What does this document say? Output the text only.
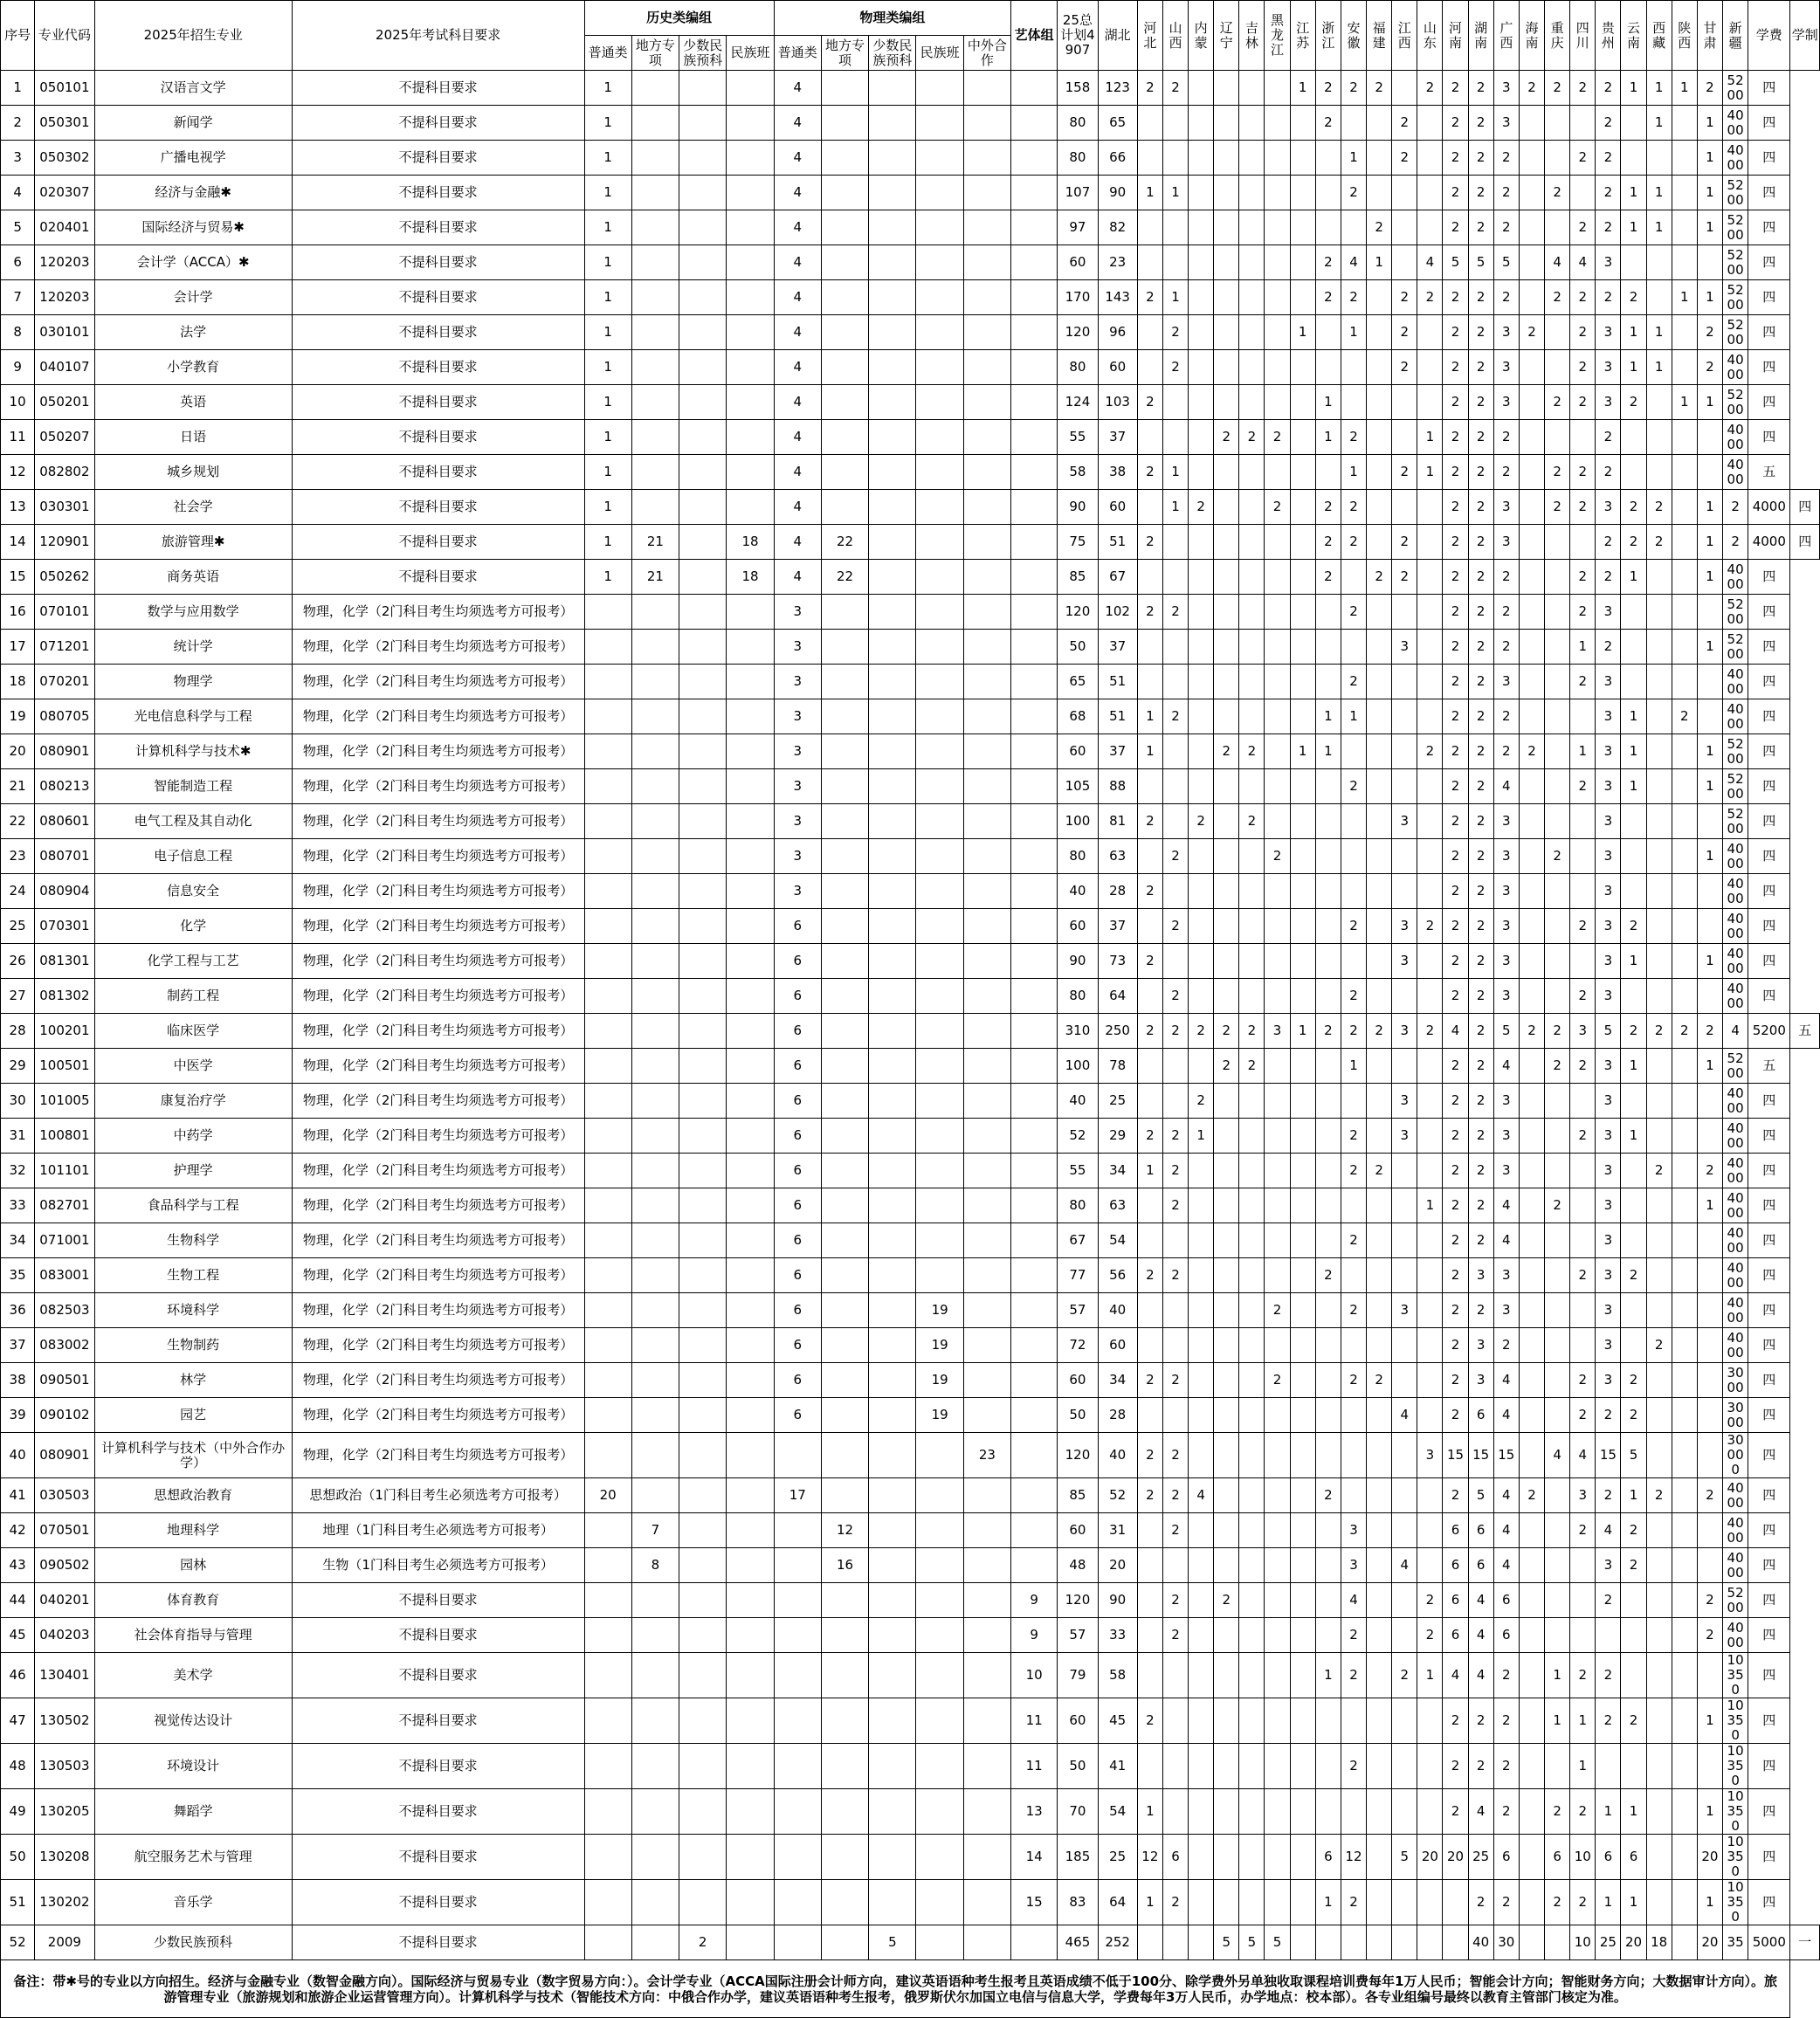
序号	专业代码	2025年招生专业	2025年考试科目要求	历史类编组				物理类编组					艺体组	25总计划4907	湖北	河北	山西	内蒙	辽宁	吉林	黑龙江	江苏	浙江	安徽	福建	江西	山东	河南	湖南	广西	海南	重庆	四川	贵州	云南	西藏	陕西	甘肃	新疆	学费	学制
				普通类	地方专项	少数民族预科	民族班	普通类	地方专项	少数民族预科	民族班	中外合作																													
1	050101	汉语言文学	不提科目要求	1				4						158	123	2	2					1	2	2	2		2	2	2	3	2	2	2	2	1	1	1	2	5200	四	
2	050301	新闻学	不提科目要求	1				4						80	65								2			2		2	2	3				2		1		1	4000	四	
3	050302	广播电视学	不提科目要求	1				4						80	66									1		2		2	2	2			2	2				1	4000	四	
4	020307	经济与金融✱	不提科目要求	1				4						107	90	1	1							2				2	2	2		2		2	1	1		1	5200	四	
5	020401	国际经济与贸易✱	不提科目要求	1				4						97	82										2			2	2	2			2	2	1	1		1	5200	四	
6	120203	会计学（ACCA）✱	不提科目要求	1				4						60	23								2	4	1		4	5	5	5		4	4	3					5200	四	
7	120203	会计学	不提科目要求	1				4						170	143	2	1						2	2		2	2	2	2	2		2	2	2	2		1	1	5200	四	
8	030101	法学	不提科目要求	1				4						120	96		2					1		1		2		2	2	3	2		2	3	1	1		2	5200	四	
9	040107	小学教育	不提科目要求	1				4						80	60		2									2		2	2	3			2	3	1	1		2	4000	四	
10	050201	英语	不提科目要求	1				4						124	103	2							1					2	2	3		2	2	3	2		1	1	5200	四	
11	050207	日语	不提科目要求	1				4						55	37				2	2	2		1	2			1	2	2	2				2					4000	四	
12	082802	城乡规划	不提科目要求	1				4						58	38	2	1							1		2	1	2	2	2		2	2	2					4000	五	
13	030301	社会学	不提科目要求	1				4						90	60		1	2			2		2	2				2	2	3		2	2	3	2	2		1	2	4000	四
14	120901	旅游管理✱	不提科目要求	1	21		18	4	22					75	51	2							2	2		2		2	2	3				2	2	2		1	2	4000	四
15	050262	商务英语	不提科目要求	1	21		18	4	22					85	67								2		2	2		2	2	2			2	2	1			1	4000	四	
16	070101	数学与应用数学	物理，化学（2门科目考生均须选考方可报考）					3						120	102	2	2							2				2	2	2			2	3					5200	四	
17	071201	统计学	物理，化学（2门科目考生均须选考方可报考）					3						50	37											3		2	2	2			1	2				1	5200	四	
18	070201	物理学	物理，化学（2门科目考生均须选考方可报考）					3						65	51									2				2	2	3			2	3					4000	四	
19	080705	光电信息科学与工程	物理，化学（2门科目考生均须选考方可报考）					3						68	51	1	2						1	1				2	2	2				3	1		2		4000	四	
20	080901	计算机科学与技术✱	物理，化学（2门科目考生均须选考方可报考）					3						60	37	1			2	2		1	1				2	2	2	2	2		1	3	1			1	5200	四	
21	080213	智能制造工程	物理，化学（2门科目考生均须选考方可报考）					3						105	88									2				2	2	4			2	3	1			1	5200	四	
22	080601	电气工程及其自动化	物理，化学（2门科目考生均须选考方可报考）					3						100	81	2		2		2						3		2	2	3				3					5200	四	
23	080701	电子信息工程	物理，化学（2门科目考生均须选考方可报考）					3						80	63		2				2							2	2	3		2		3				1	4000	四	
24	080904	信息安全	物理，化学（2门科目考生均须选考方可报考）					3						40	28	2												2	2	3				3					4000	四	
25	070301	化学	物理，化学（2门科目考生均须选考方可报考）					6						60	37		2							2		3	2	2	2	3			2	3	2				4000	四	
26	081301	化学工程与工艺	物理，化学（2门科目考生均须选考方可报考）					6						90	73	2										3		2	2	3				3	1			1	4000	四	
27	081302	制药工程	物理，化学（2门科目考生均须选考方可报考）					6						80	64		2							2				2	2	3			2	3					4000	四	
28	100201	临床医学	物理，化学（2门科目考生均须选考方可报考）					6						310	250	2	2	2	2	2	3	1	2	2	2	3	2	4	2	5	2	2	3	5	2	2	2	2	4	5200	五
29	100501	中医学	物理，化学（2门科目考生均须选考方可报考）					6						100	78				2	2				1				2	2	4		2	2	3	1			1	5200	五	
30	101005	康复治疗学	物理，化学（2门科目考生均须选考方可报考）					6						40	25			2								3		2	2	3				3					4000	四	
31	100801	中药学	物理，化学（2门科目考生均须选考方可报考）					6						52	29	2	2	1						2		3		2	2	3			2	3	1				4000	四	
32	101101	护理学	物理，化学（2门科目考生均须选考方可报考）					6						55	34	1	2							2	2			2	2	3				3		2		2	4000	四	
33	082701	食品科学与工程	物理，化学（2门科目考生均须选考方可报考）					6						80	63		2										1	2	2	4		2		3				1	4000	四	
34	071001	生物科学	物理，化学（2门科目考生均须选考方可报考）					6						67	54									2				2	2	4				3					4000	四	
35	083001	生物工程	物理，化学（2门科目考生均须选考方可报考）					6						77	56	2	2						2					2	3	3			2	3	2				4000	四	
36	082503	环境科学	物理，化学（2门科目考生均须选考方可报考）					6			19			57	40						2			2		3		2	2	3				3					4000	四	
37	083002	生物制药	物理，化学（2门科目考生均须选考方可报考）					6			19			72	60													2	3	2				3		2			4000	四	
38	090501	林学	物理，化学（2门科目考生均须选考方可报考）					6			19			60	34	2	2				2			2	2			2	3	4			2	3	2				3000	四	
39	090102	园艺	物理，化学（2门科目考生均须选考方可报考）					6			19			50	28											4		2	6	4			2	2	2				3000	四	
40	080901	计算机科学与技术（中外合作办学）	物理，化学（2门科目考生均须选考方可报考）									23		120	40	2	2										3	15	15	15		4	4	15	5				30000	四	
41	030503	思想政治教育	思想政治（1门科目考生必须选考方可报考）	20				17						85	52	2	2	4					2					2	5	4	2		3	2	1	2		2	4000	四	
42	070501	地理科学	地理（1门科目考生必须选考方可报考）		7				12					60	31		2							3				6	6	4			2	4	2				4000	四	
43	090502	园林	生物（1门科目考生必须选考方可报考）		8				16					48	20									3		4		6	6	4				3	2				4000	四	
44	040201	体育教育	不提科目要求										9	120	90		2		2					4			2	6	4	6				2				2	5200	四	
45	040203	社会体育指导与管理	不提科目要求										9	57	33		2							2			2	6	4	6								2	4000	四	
46	130401	美术学	不提科目要求										10	79	58								1	2		2	1	4	4	2		1	2	2					10350	四	
47	130502	视觉传达设计	不提科目要求										11	60	45	2												2	2	2		1	1	2	2			1	10350	四	
48	130503	环境设计	不提科目要求										11	50	41									2				2	2	2			1						10350	四	
49	130205	舞蹈学	不提科目要求										13	70	54	1												2	4	2		2	2	1	1			1	10350	四	
50	130208	航空服务艺术与管理	不提科目要求										14	185	25	12	6						6	12		5	20	20	25	6		6	10	6	6			20	10350	四	
51	130202	音乐学	不提科目要求										15	83	64	1	2						1	2					2	2		2	2	1	1			1	10350	四	
52	2009	少数民族预科	不提科目要求			2				5				465	252				5	5	5								40	30			10	25	20	18		20	35	5000	一
备注：带✱号的专业以方向招生。经济与金融专业（数智金融方向）。国际经济与贸易专业（数字贸易方向：）。会计学专业（ACCA国际注册会计师方向，建议英语语种考生报考且英语成绩不低于100分、除学费外另单独收取课程培训费每年1万人民币；智能会计方向；智能财务方向；大数据审计方向）。旅游管理专业（旅游规划和旅游企业运营管理方向）。计算机科学与技术（智能技术方向：中俄合作办学，建议英语语种考生报考，俄罗斯伏尔加国立电信与信息大学，学费每年3万人民币，办学地点：校本部）。各专业组编号最终以教育主管部门核定为准。																																									
